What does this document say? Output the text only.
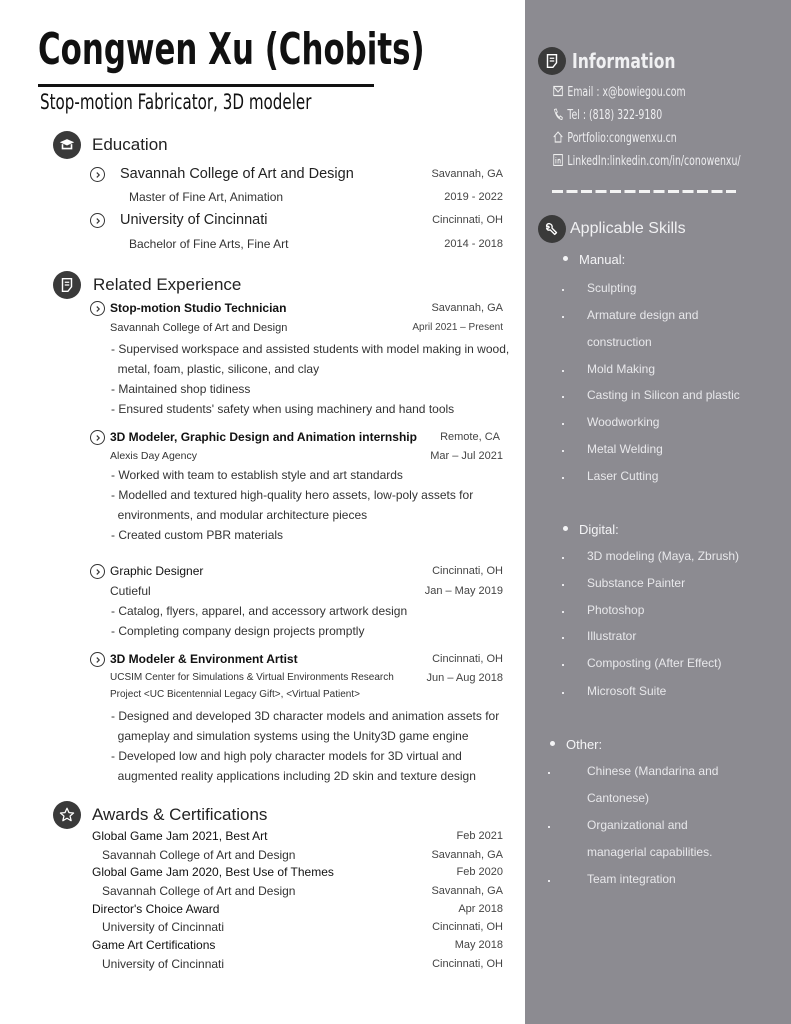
Congwen Xu (Chobits)
Stop-motion Fabricator, 3D modeler
Education
Savannah College of Art and Design	Savannah, GA
Master of Fine Art, Animation	2019 - 2022
University of Cincinnati	Cincinnati, OH
Bachelor of Fine Arts, Fine Art	2014 - 2018
Related Experience
Stop-motion Studio Technician	Savannah, GA
Savannah College of Art and Design	April 2021 – Present
- Supervised workspace and assisted students with model making in wood,
metal, foam, plastic, silicone, and clay
- Maintained shop tidiness
- Ensured students' safety when using machinery and hand tools
3D Modeler, Graphic Design and Animation internship Remote, CA
Alexis Day Agency	Mar – Jul 2021
- Worked with team to establish style and art standards
- Modelled and textured high-quality hero assets, low-poly assets for
environments, and modular architecture pieces
- Created custom PBR materials
Graphic Designer	Cincinnati, OH
Cutieful	Jan – May 2019
- Catalog, flyers, apparel, and accessory artwork design
- Completing company design projects promptly
3D Modeler & Environment Artist	Cincinnati, OH
UCSIM Center for Simulations & Virtual Environments Research	Jun – Aug 2018
Project <UC Bicentennial Legacy Gift>, <Virtual Patient>
- Designed and developed 3D character models and animation assets for
gameplay and simulation systems using the Unity3D game engine
- Developed low and high poly character models for 3D virtual and
augmented reality applications including 2D skin and texture design
Awards & Certifications
Global Game Jam 2021, Best Art	Feb 2021
Savannah College of Art and Design	Savannah, GA
Global Game Jam 2020, Best Use of Themes	Feb 2020
Savannah College of Art and Design	Savannah, GA
Director's Choice Award	Apr 2018
University of Cincinnati	Cincinnati, OH
Game Art Certifications	May 2018
University of Cincinnati	Cincinnati, OH
Information
Email : x@bowiegou.com
Tel : (818) 322-9180
Portfolio:congwenxu.cn
LinkedIn:linkedin.com/in/conowenxu/
Applicable Skills
Manual:
Sculpting
Armature design and
construction
Mold Making
Casting in Silicon and plastic
Woodworking
Metal Welding
Laser Cutting
Digital:
3D modeling (Maya, Zbrush)
Substance Painter
Photoshop
Illustrator
Composting (After Effect)
Microsoft Suite
Other:
Chinese (Mandarina and
Cantonese)
Organizational and
managerial capabilities.
Team integration
